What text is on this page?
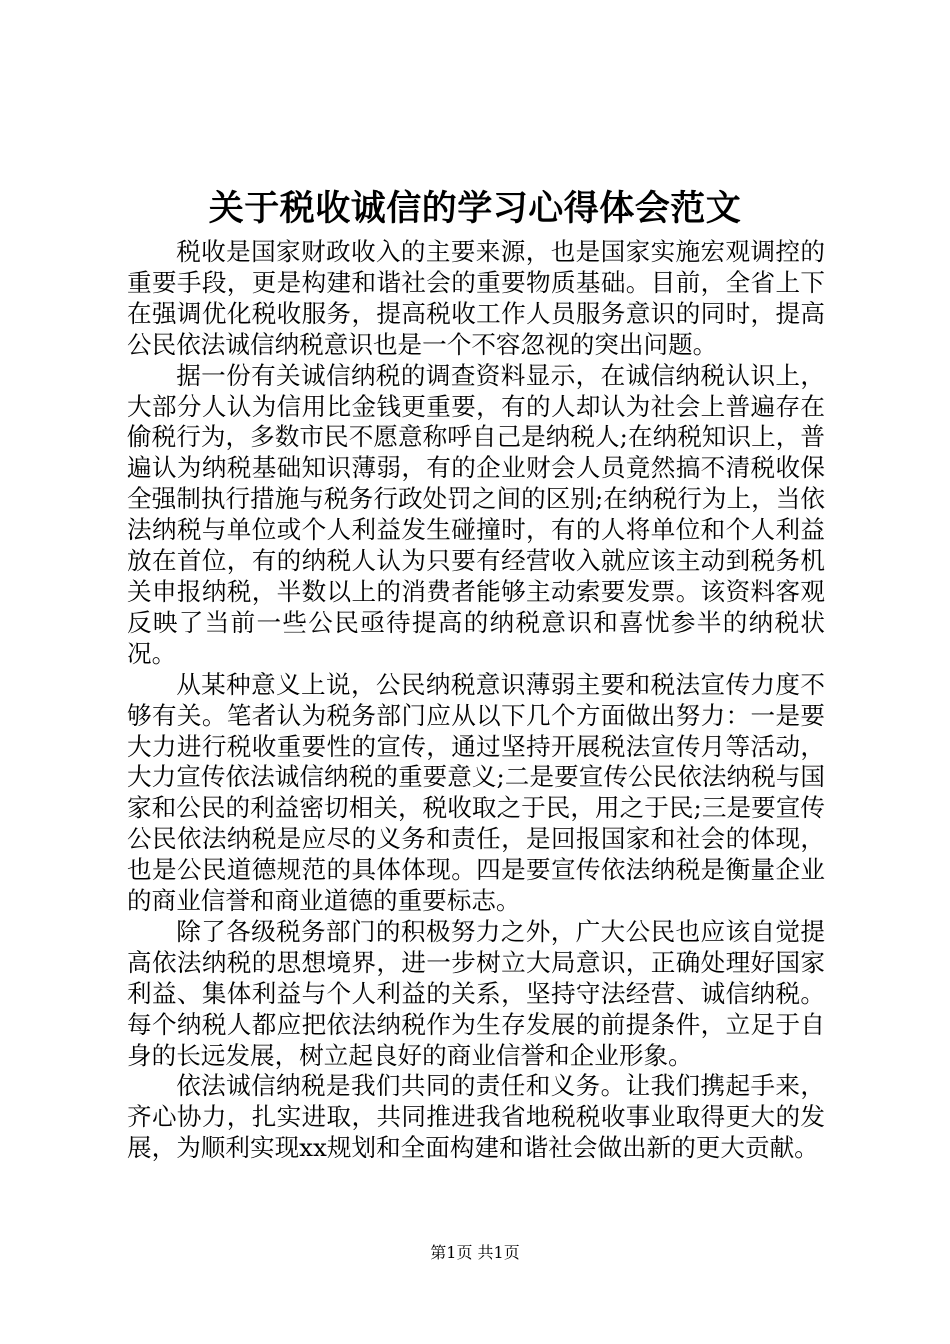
关于税收诚信的学习心得体会范文

税收是国家财政收入的主要来源，也是国家实施宏观调控的重要手段，更是构建和谐社会的重要物质基础。目前，全省上下在强调优化税收服务，提高税收工作人员服务意识的同时，提高公民依法诚信纳税意识也是一个不容忽视的突出问题。

据一份有关诚信纳税的调查资料显示，在诚信纳税认识上，大部分人认为信用比金钱更重要，有的人却认为社会上普遍存在偷税行为，多数市民不愿意称呼自己是纳税人;在纳税知识上，普遍认为纳税基础知识薄弱，有的企业财会人员竟然搞不清税收保全强制执行措施与税务行政处罚之间的区别;在纳税行为上，当依法纳税与单位或个人利益发生碰撞时，有的人将单位和个人利益放在首位，有的纳税人认为只要有经营收入就应该主动到税务机关申报纳税，半数以上的消费者能够主动索要发票。该资料客观反映了当前一些公民亟待提高的纳税意识和喜忧参半的纳税状况。

从某种意义上说，公民纳税意识薄弱主要和税法宣传力度不够有关。笔者认为税务部门应从以下几个方面做出努力：一是要大力进行税收重要性的宣传，通过坚持开展税法宣传月等活动，大力宣传依法诚信纳税的重要意义;二是要宣传公民依法纳税与国家和公民的利益密切相关，税收取之于民，用之于民;三是要宣传公民依法纳税是应尽的义务和责任，是回报国家和社会的体现，也是公民道德规范的具体体现。四是要宣传依法纳税是衡量企业的商业信誉和商业道德的重要标志。

除了各级税务部门的积极努力之外，广大公民也应该自觉提高依法纳税的思想境界，进一步树立大局意识，正确处理好国家利益、集体利益与个人利益的关系，坚持守法经营、诚信纳税。每个纳税人都应把依法纳税作为生存发展的前提条件，立足于自身的长远发展，树立起良好的商业信誉和企业形象。

依法诚信纳税是我们共同的责任和义务。让我们携起手来，齐心协力，扎实进取，共同推进我省地税税收事业取得更大的发展，为顺利实现xx规划和全面构建和谐社会做出新的更大贡献。

第1页 共1页
